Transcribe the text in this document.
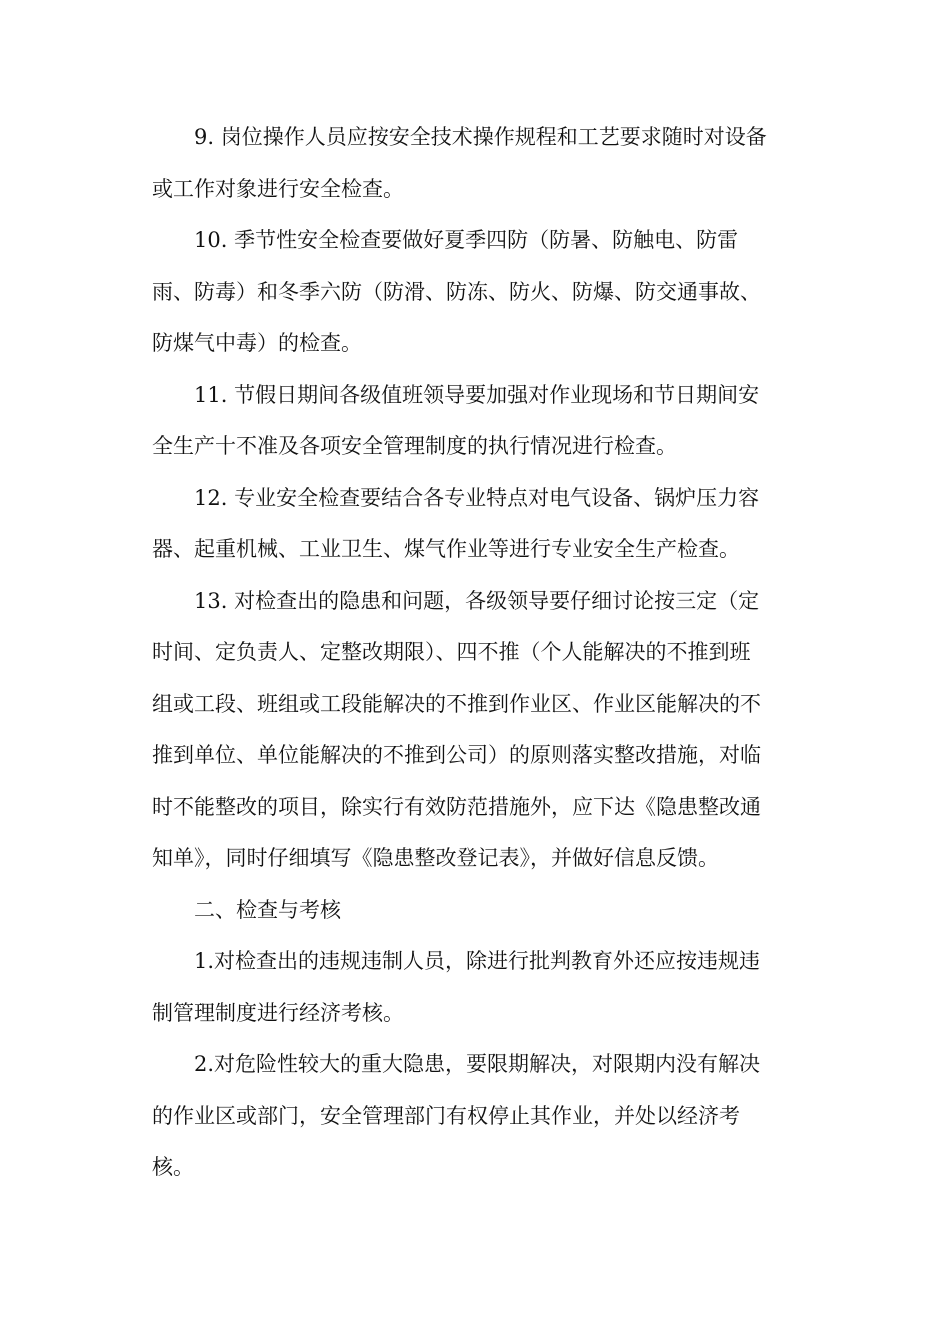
9. 岗位操作人员应按安全技术操作规程和工艺要求随时对设备
或工作对象进行安全检查。
10. 季节性安全检查要做好夏季四防（防暑、防触电、防雷
雨、防毒）和冬季六防（防滑、防冻、防火、防爆、防交通事故、
防煤气中毒）的检查。
11. 节假日期间各级值班领导要加强对作业现场和节日期间安
全生产十不准及各项安全管理制度的执行情况进行检查。
12. 专业安全检查要结合各专业特点对电气设备、锅炉压力容
器、起重机械、工业卫生、煤气作业等进行专业安全生产检查。
13. 对检查出的隐患和问题，各级领导要仔细讨论按三定（定
时间、定负责人、定整改期限）、四不推（个人能解决的不推到班
组或工段、班组或工段能解决的不推到作业区、作业区能解决的不
推到单位、单位能解决的不推到公司）的原则落实整改措施，对临
时不能整改的项目，除实行有效防范措施外，应下达《隐患整改通
知单》，同时仔细填写《隐患整改登记表》，并做好信息反馈。
二、检查与考核
1.对检查出的违规违制人员，除进行批判教育外还应按违规违
制管理制度进行经济考核。
2.对危险性较大的重大隐患，要限期解决，对限期内没有解决
的作业区或部门，安全管理部门有权停止其作业，并处以经济考
核。
